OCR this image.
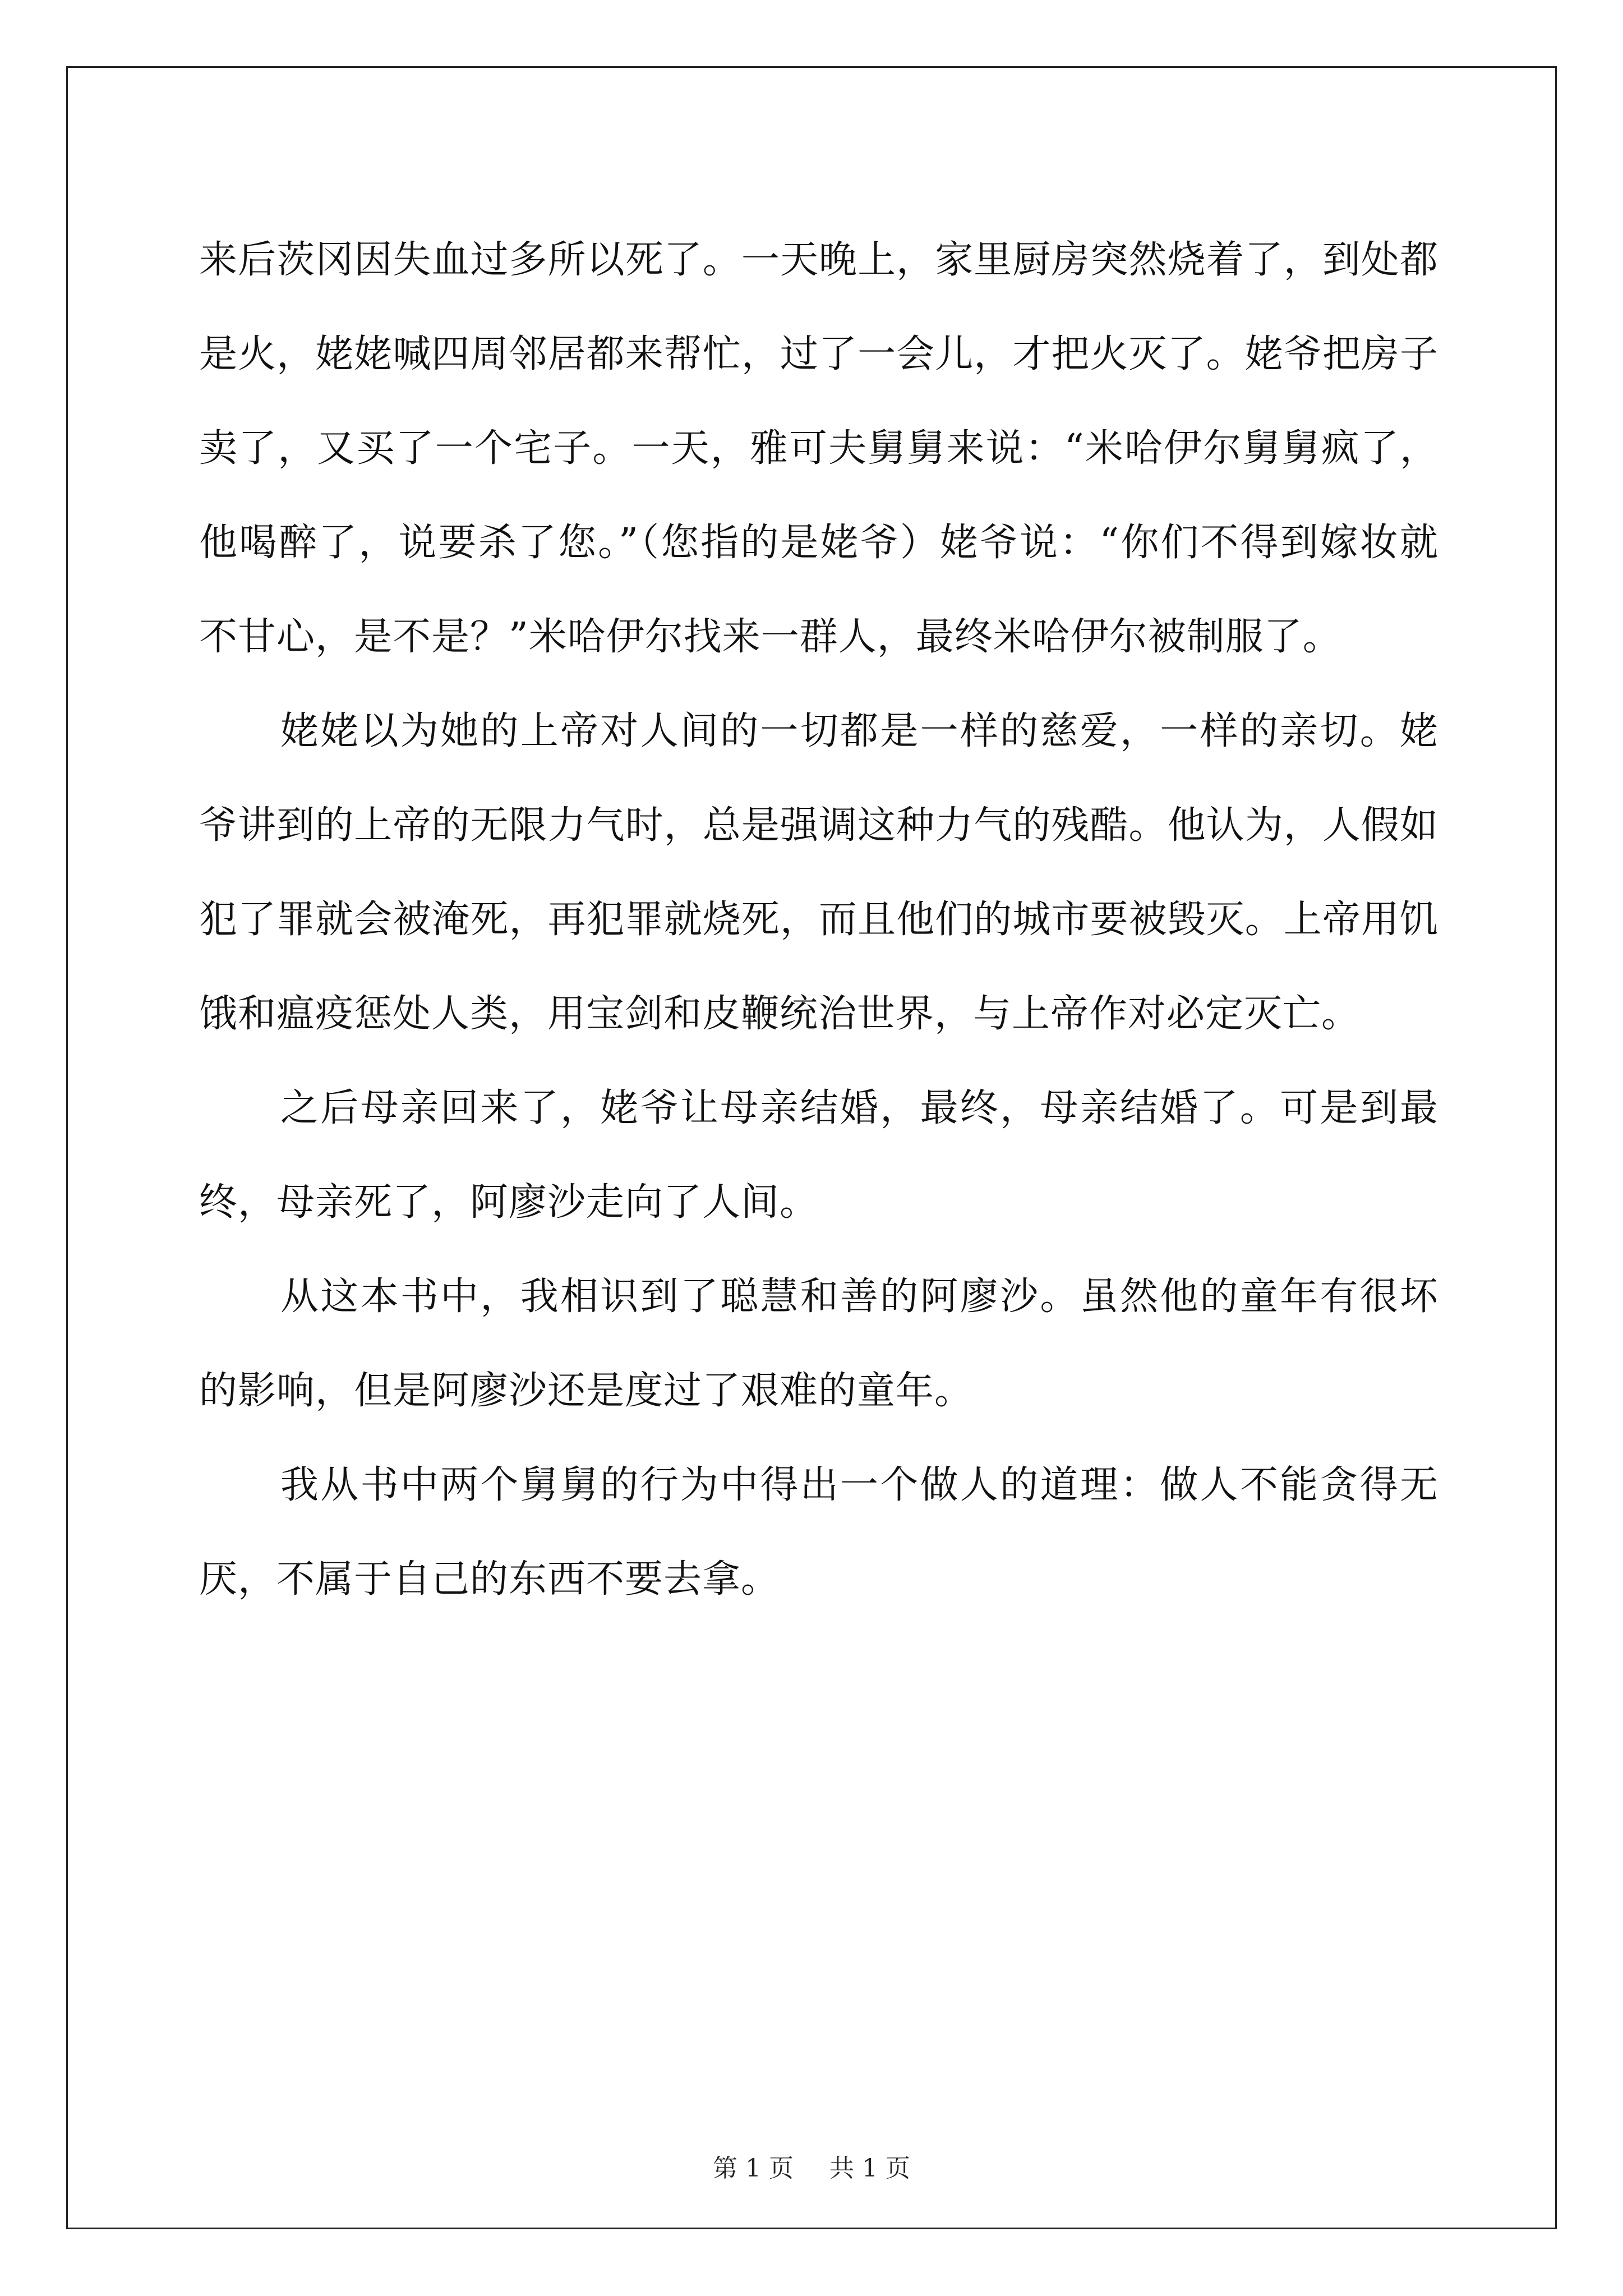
来后茨冈因失血过多所以死了。一天晚上，家里厨房突然烧着了，到处都是火，姥姥喊四周邻居都来帮忙，过了一会儿，才把火灭了。姥爷把房子卖了，又买了一个宅子。一天，雅可夫舅舅来说：“米哈伊尔舅舅疯了，他喝醉了，说要杀了您。”（您指的是姥爷）姥爷说：“你们不得到嫁妆就不甘心，是不是？”米哈伊尔找来一群人，最终米哈伊尔被制服了。

姥姥以为她的上帝对人间的一切都是一样的慈爱，一样的亲切。姥爷讲到的上帝的无限力气时，总是强调这种力气的残酷。他认为，人假如犯了罪就会被淹死，再犯罪就烧死，而且他们的城市要被毁灭。上帝用饥饿和瘟疫惩处人类，用宝剑和皮鞭统治世界，与上帝作对必定灭亡。

之后母亲回来了，姥爷让母亲结婚，最终，母亲结婚了。可是到最终，母亲死了，阿廖沙走向了人间。

从这本书中，我相识到了聪慧和善的阿廖沙。虽然他的童年有很坏的影响，但是阿廖沙还是度过了艰难的童年。

我从书中两个舅舅的行为中得出一个做人的道理：做人不能贪得无厌，不属于自己的东西不要去拿。

第 1 页 共 1 页
